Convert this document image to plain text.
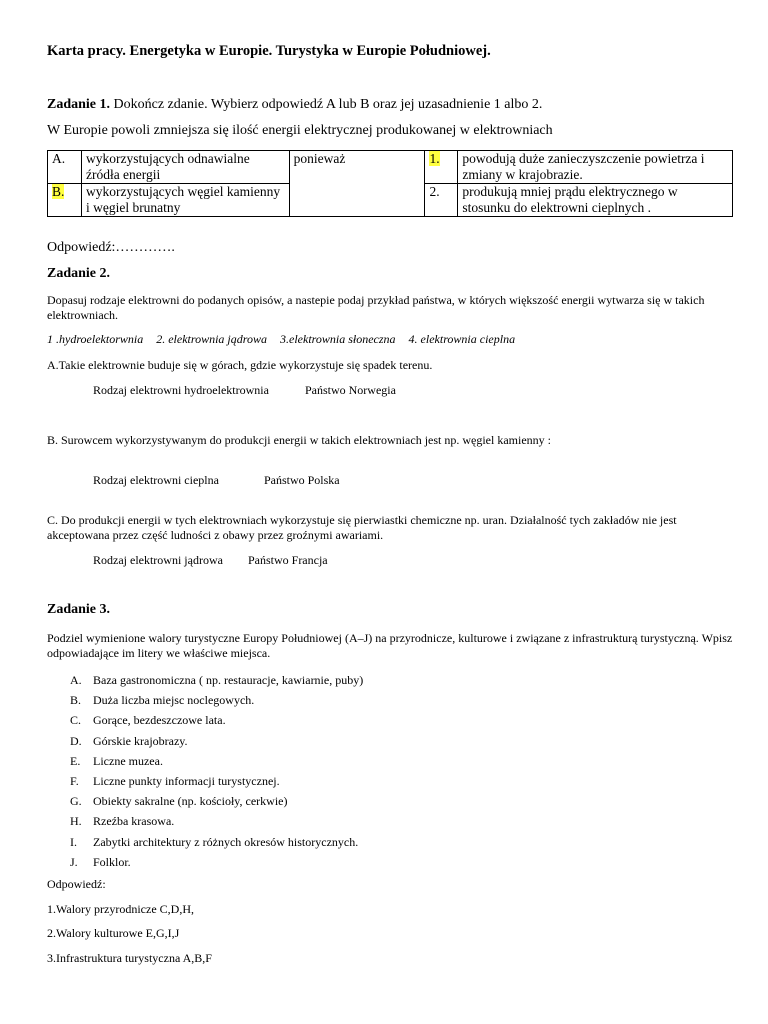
Karta pracy. Energetyka w Europie. Turystyka w Europie Południowej.
Zadanie 1. Dokończ zdanie. Wybierz odpowiedź A lub B oraz jej uzasadnienie 1 albo 2.
W Europie powoli zmniejsza się ilość energii elektrycznej produkowanej w elektrowniach
A.	wykorzystujących odnawialne źródła energii	ponieważ	1.	powodują duże zanieczyszczenie powietrza i zmiany w krajobrazie.
B.	wykorzystujących węgiel kamienny i węgiel brunatny		2.	produkują mniej prądu elektrycznego w stosunku do elektrowni cieplnych .
Odpowiedź:………….
Zadanie 2.
Dopasuj rodzaje elektrowni do podanych opisów, a nastepie podaj przykład państwa, w których większość energii wytwarza się w takich elektrowniach.
1 .hydroelektorwnia 2. elektrownia jądrowa 3.elektrownia słoneczna 4. elektrownia cieplna
A.Takie elektrownie buduje się w górach, gdzie wykorzystuje się spadek terenu.
Rodzaj elektrowni hydroelektrownia	Państwo Norwegia
B. Surowcem wykorzystywanym do produkcji energii w takich elektrowniach jest np. węgiel kamienny :
Rodzaj elektrowni cieplna	Państwo Polska
C. Do produkcji energii w tych elektrowniach wykorzystuje się pierwiastki chemiczne np. uran. Działalność tych zakładów nie jest akceptowana przez część ludności z obawy przez groźnymi awariami.
Rodzaj elektrowni jądrowa Państwo Francja
Zadanie 3.
Podziel wymienione walory turystyczne Europy Południowej (A–J) na przyrodnicze, kulturowe i związane z infrastrukturą turystyczną. Wpisz odpowiadające im litery we właściwe miejsca.
A. Baza gastronomiczna ( np. restauracje, kawiarnie, puby)
B. Duża liczba miejsc noclegowych.
C. Gorące, bezdeszczowe lata.
D. Górskie krajobrazy.
E. Liczne muzea.
F. Liczne punkty informacji turystycznej.
G. Obiekty sakralne (np. kościoły, cerkwie)
H. Rzeźba krasowa.
I. Zabytki architektury z różnych okresów historycznych.
J. Folklor.
Odpowiedź:
1.Walory przyrodnicze C,D,H,
2.Walory kulturowe E,G,I,J
3.Infrastruktura turystyczna A,B,F
